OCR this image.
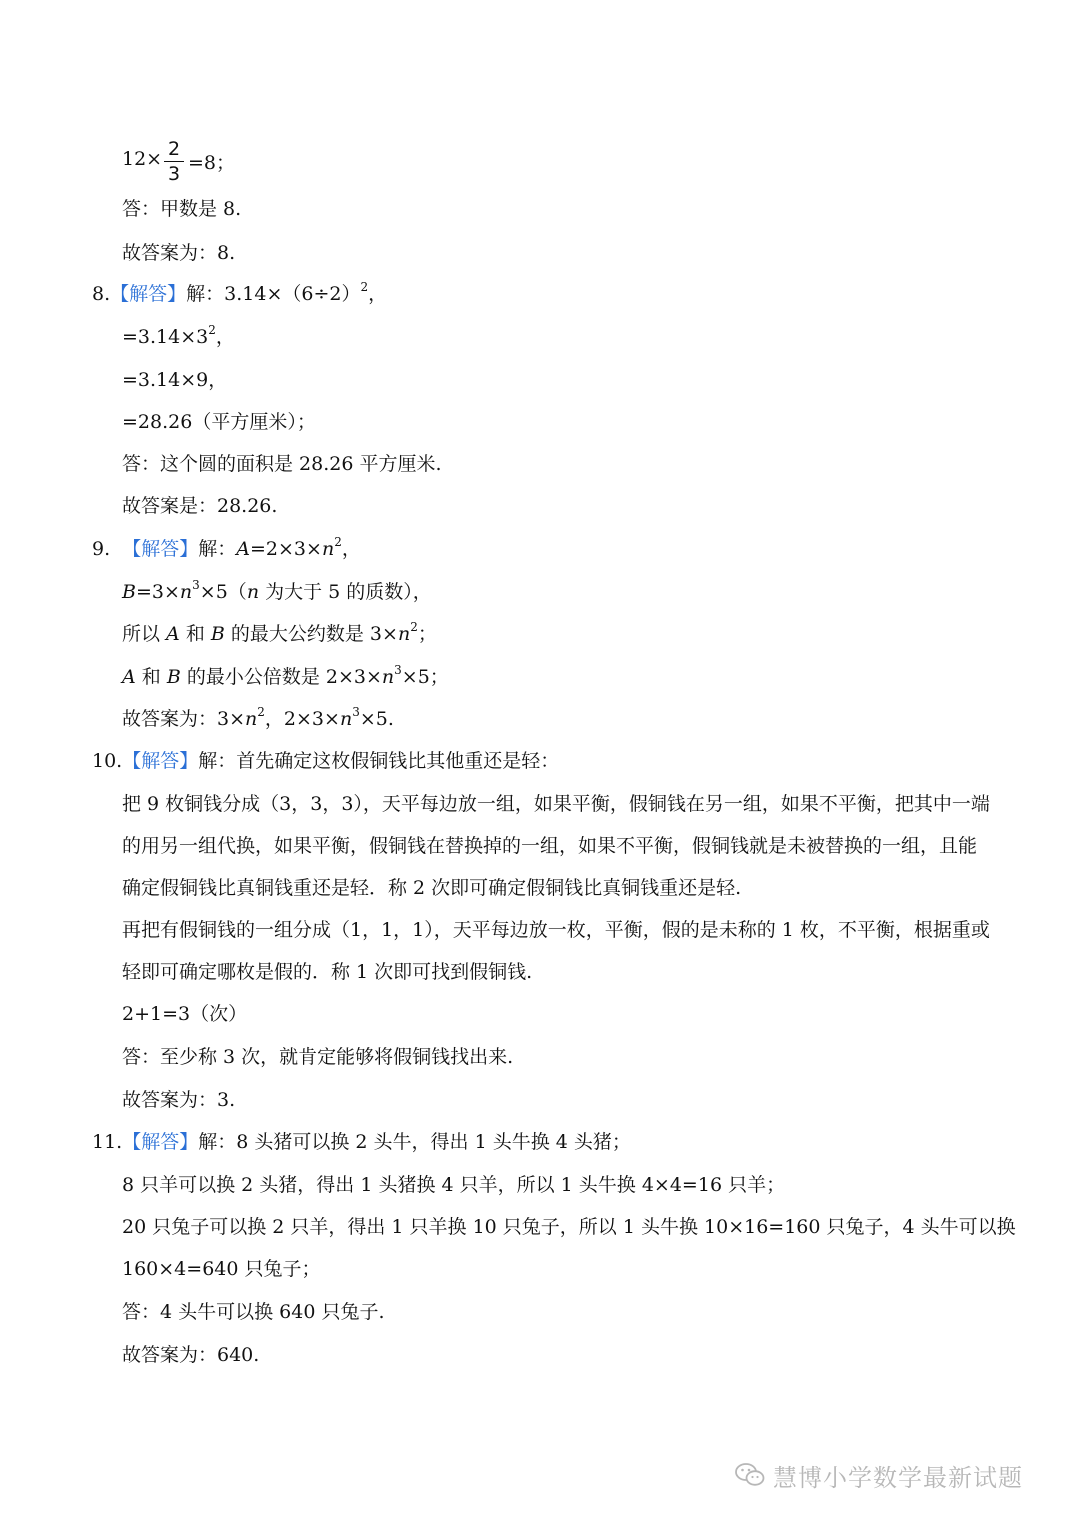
12× 2
3 =8；
答：甲数是 8.
故答案为：8.
8.【解答】解：$3.14\times(6\div 2)^2$，
$=3.14\times 3^2$，
=3.14×9，
=28.26（平方厘米）；
答：这个圆的面积是 28.26 平方厘米.
故答案是：28.26.
9. 【解答】解：$A=2\times 3\times n^2$，
$B=3\times n^3\times 5(n$ 为大于 5 的质数），
所以 A 和 B 的最大公约数是 $3\times n^2$；
A 和 B 的最小公倍数是 $2\times 3\times n^3\times 5$；
故答案为：$3\times n^2$，$2\times 3\times n^3\times 5$.
10.【解答】解：首先确定这枚假铜钱比其他重还是轻：
把 9 枚铜钱分成（3，3，3），天平每边放一组，如果平衡，假铜钱在另一组，如果不平衡，把其中一端
的用另一组代换，如果平衡，假铜钱在替换掉的一组，如果不平衡，假铜钱就是未被替换的一组，且能
确定假铜钱比真铜钱重还是轻．称 2 次即可确定假铜钱比真铜钱重还是轻.
再把有假铜钱的一组分成（1，1，1），天平每边放一枚，平衡，假的是未称的 1 枚，不平衡，根据重或
轻即可确定哪枚是假的．称 1 次即可找到假铜钱.
2+1=3（次）
答：至少称 3 次，就肯定能够将假铜钱找出来.
故答案为：3.
11.【解答】解：8 头猪可以换 2 头牛，得出 1 头牛换 4 头猪；
8 只羊可以换 2 头猪，得出 1 头猪换 4 只羊，所以 1 头牛换 4×4=16 只羊；
20 只兔子可以换 2 只羊，得出 1 只羊换 10 只兔子，所以 1 头牛换 10×16=160 只兔子，4 头牛可以换
160×4=640 只兔子；
答：4 头牛可以换 640 只兔子.
故答案为：640.
慧博小学数学最新试题
